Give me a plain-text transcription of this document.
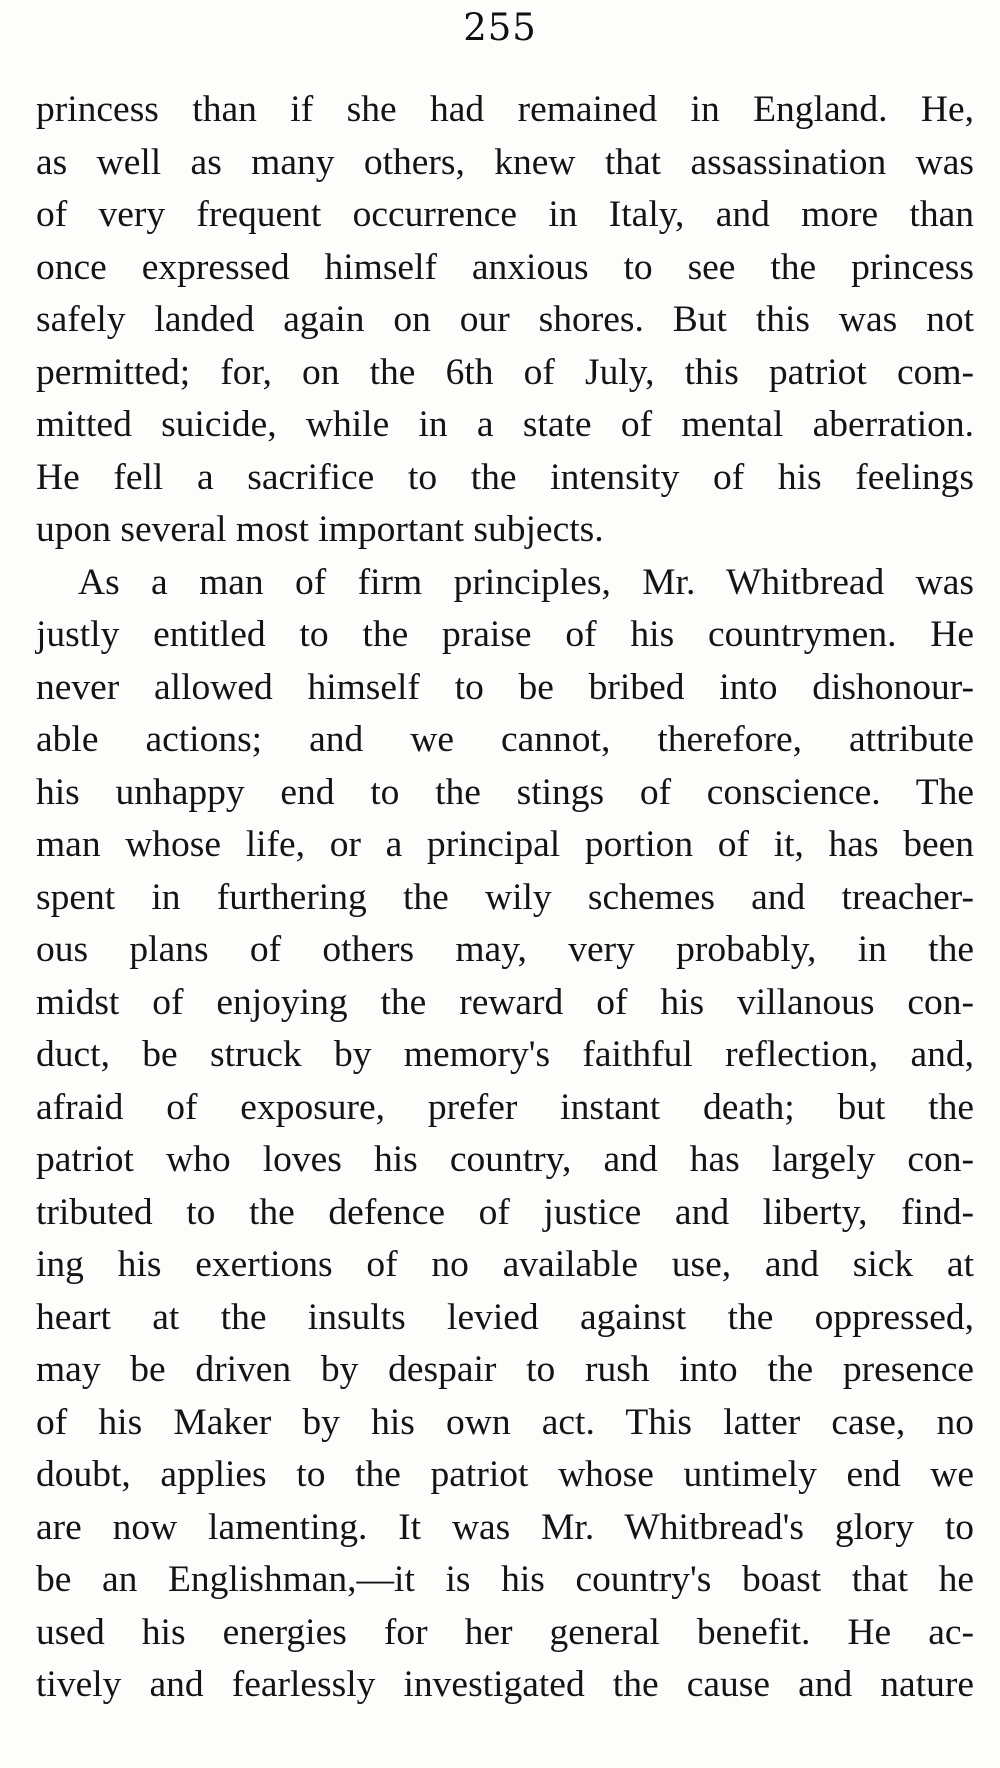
255
princess than if she had remained in England. He,
as well as many others, knew that assassination was
of very frequent occurrence in Italy, and more than
once expressed himself anxious to see the princess
safely landed again on our shores. But this was not
permitted; for, on the 6th of July, this patriot com-
mitted suicide, while in a state of mental aberration.
He fell a sacrifice to the intensity of his feelings
upon several most important subjects.
As a man of firm principles, Mr. Whitbread was
justly entitled to the praise of his countrymen. He
never allowed himself to be bribed into dishonour-
able actions; and we cannot, therefore, attribute
his unhappy end to the stings of conscience. The
man whose life, or a principal portion of it, has been
spent in furthering the wily schemes and treacher-
ous plans of others may, very probably, in the
midst of enjoying the reward of his villanous con-
duct, be struck by memory's faithful reflection, and,
afraid of exposure, prefer instant death; but the
patriot who loves his country, and has largely con-
tributed to the defence of justice and liberty, find-
ing his exertions of no available use, and sick at
heart at the insults levied against the oppressed,
may be driven by despair to rush into the presence
of his Maker by his own act. This latter case, no
doubt, applies to the patriot whose untimely end we
are now lamenting. It was Mr. Whitbread's glory to
be an Englishman,—it is his country's boast that he
used his energies for her general benefit. He ac-
tively and fearlessly investigated the cause and nature
